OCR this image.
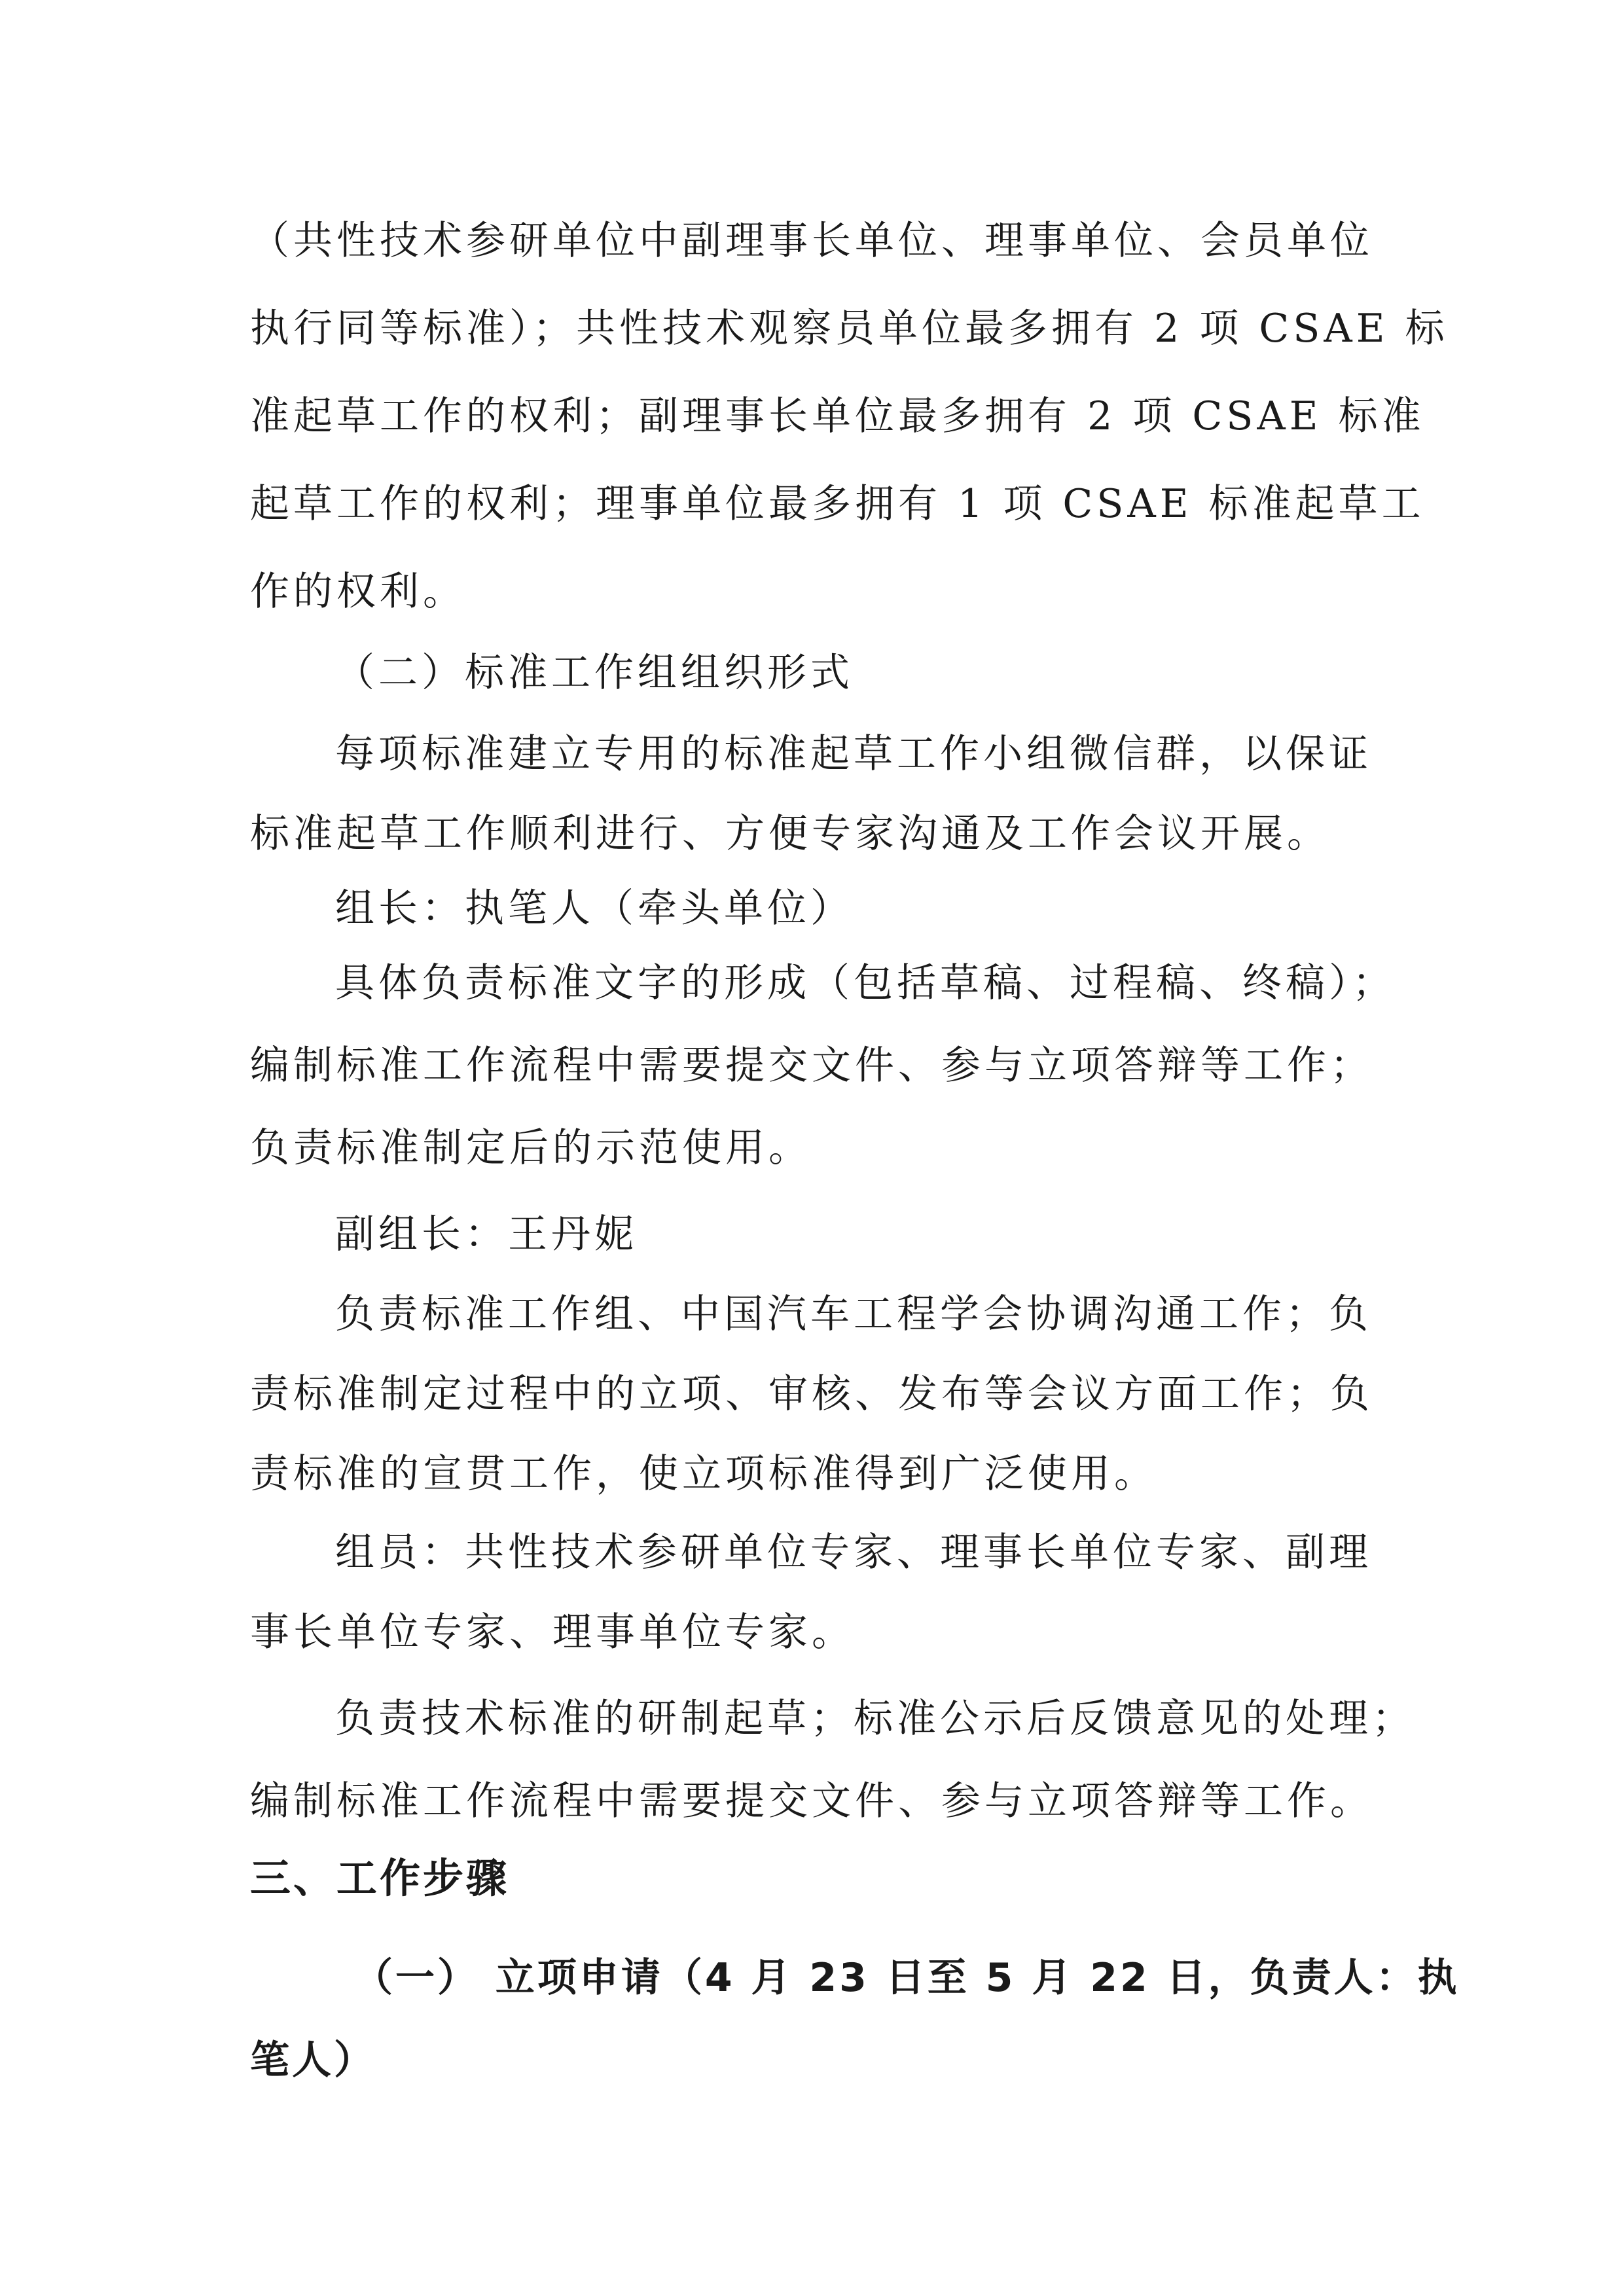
（共性技术参研单位中副理事长单位、理事单位、会员单位
执行同等标准）；共性技术观察员单位最多拥有 2 项 CSAE 标
准起草工作的权利；副理事长单位最多拥有 2 项 CSAE 标准
起草工作的权利；理事单位最多拥有 1 项 CSAE 标准起草工
作的权利。
（二）标准工作组组织形式
每项标准建立专用的标准起草工作小组微信群，以保证
标准起草工作顺利进行、方便专家沟通及工作会议开展。
组长：执笔人（牵头单位）
具体负责标准文字的形成（包括草稿、过程稿、终稿）；
编制标准工作流程中需要提交文件、参与立项答辩等工作；
负责标准制定后的示范使用。
副组长：王丹妮
负责标准工作组、中国汽车工程学会协调沟通工作；负
责标准制定过程中的立项、审核、发布等会议方面工作；负
责标准的宣贯工作，使立项标准得到广泛使用。
组员：共性技术参研单位专家、理事长单位专家、副理
事长单位专家、理事单位专家。
负责技术标准的研制起草；标准公示后反馈意见的处理；
编制标准工作流程中需要提交文件、参与立项答辩等工作。
三、工作步骤
（一） 立项申请（4 月 23 日至 5 月 22 日，负责人：执
笔人）
